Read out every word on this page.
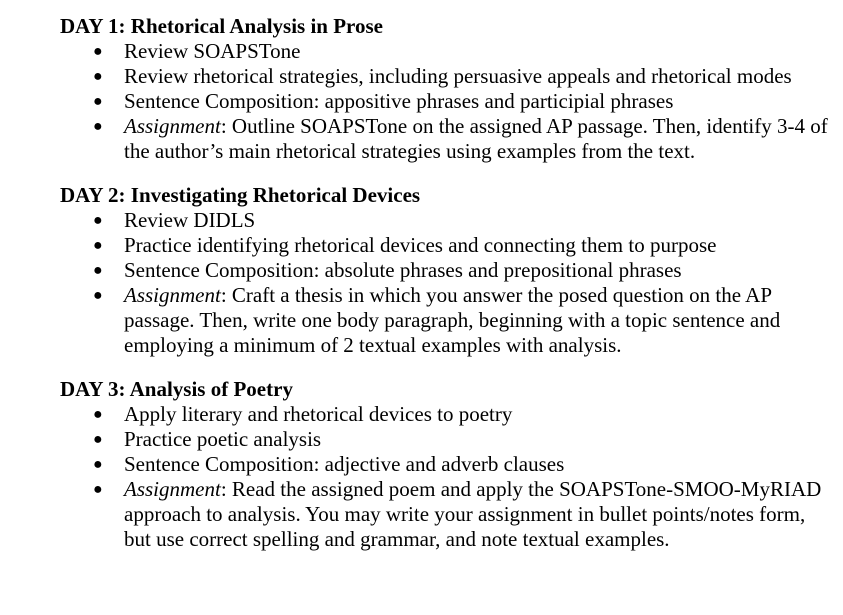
DAY 1: Rhetorical Analysis in Prose
● Review SOAPSTone
● Review rhetorical strategies, including persuasive appeals and rhetorical modes
● Sentence Composition: appositive phrases and participial phrases
● Assignment: Outline SOAPSTone on the assigned AP passage. Then, identify 3-4 of the author’s main rhetorical strategies using examples from the text.
DAY 2: Investigating Rhetorical Devices
● Review DIDLS
● Practice identifying rhetorical devices and connecting them to purpose
● Sentence Composition: absolute phrases and prepositional phrases
● Assignment: Craft a thesis in which you answer the posed question on the AP passage. Then, write one body paragraph, beginning with a topic sentence and employing a minimum of 2 textual examples with analysis.
DAY 3: Analysis of Poetry
● Apply literary and rhetorical devices to poetry
● Practice poetic analysis
● Sentence Composition: adjective and adverb clauses
● Assignment: Read the assigned poem and apply the SOAPSTone-SMOO-MyRIAD approach to analysis. You may write your assignment in bullet points/notes form, but use correct spelling and grammar, and note textual examples.
